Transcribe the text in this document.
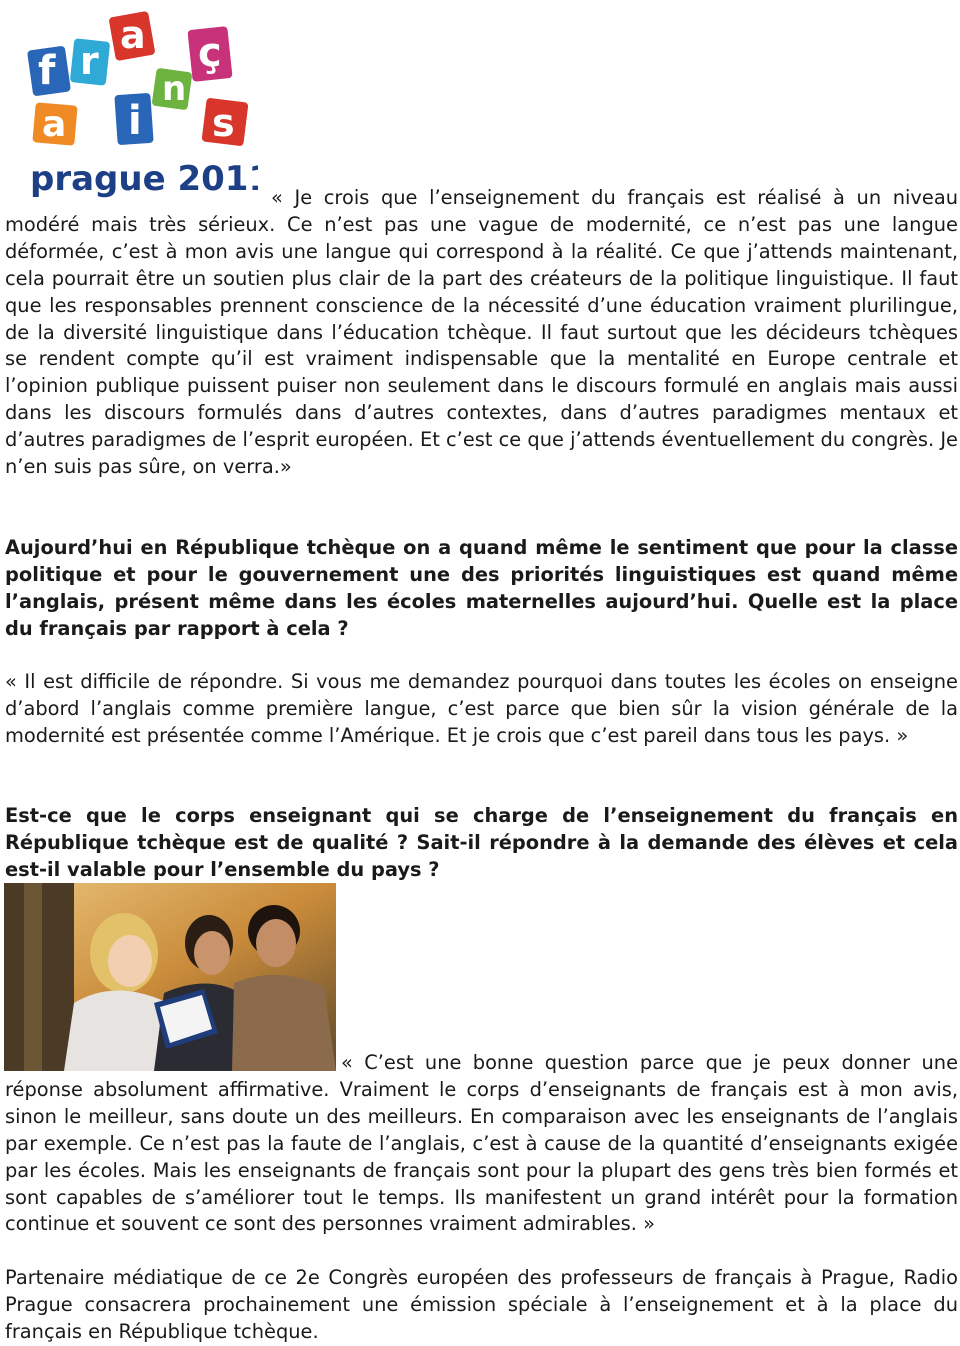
f r
a
n
ç
a i s
prague 2011

« Je crois que l’enseignement du français est réalisé à un niveau modéré mais très sérieux. Ce n’est pas une vague de modernité, ce n’est pas une langue déformée, c’est à mon avis une langue qui correspond à la réalité. Ce que j’attends maintenant, cela pourrait être un soutien plus clair de la part des créateurs de la politique linguistique. Il faut que les responsables prennent conscience de la nécessité d’une éducation vraiment plurilingue, de la diversité linguistique dans l’éducation tchèque. Il faut surtout que les décideurs tchèques se rendent compte qu’il est vraiment indispensable que la mentalité en Europe centrale et l’opinion publique puissent puiser non seulement dans le discours formulé en anglais mais aussi dans les discours formulés dans d’autres contextes, dans d’autres paradigmes mentaux et d’autres paradigmes de l’esprit européen. Et c’est ce que j’attends éventuellement du congrès. Je n’en suis pas sûre, on verra.»

Aujourd’hui en République tchèque on a quand même le sentiment que pour la classe politique et pour le gouvernement une des priorités linguistiques est quand même l’anglais, présent même dans les écoles maternelles aujourd’hui. Quelle est la place du français par rapport à cela ?

« Il est difficile de répondre. Si vous me demandez pourquoi dans toutes les écoles on enseigne d’abord l’anglais comme première langue, c’est parce que bien sûr la vision générale de la modernité est présentée comme l’Amérique. Et je crois que c’est pareil dans tous les pays. »

Est-ce que le corps enseignant qui se charge de l’enseignement du français en République tchèque est de qualité ? Sait-il répondre à la demande des élèves et cela est-il valable pour l’ensemble du pays ?

« C’est une bonne question parce que je peux donner une réponse absolument affirmative. Vraiment le corps d’enseignants de français est à mon avis, sinon le meilleur, sans doute un des meilleurs. En comparaison avec les enseignants de l’anglais par exemple. Ce n’est pas la faute de l’anglais, c’est à cause de la quantité d’enseignants exigée par les écoles. Mais les enseignants de français sont pour la plupart des gens très bien formés et sont capables de s’améliorer tout le temps. Ils manifestent un grand intérêt pour la formation continue et souvent ce sont des personnes vraiment admirables. »

Partenaire médiatique de ce 2e Congrès européen des professeurs de français à Prague, Radio Prague consacrera prochainement une émission spéciale à l’enseignement et à la place du français en République tchèque.
